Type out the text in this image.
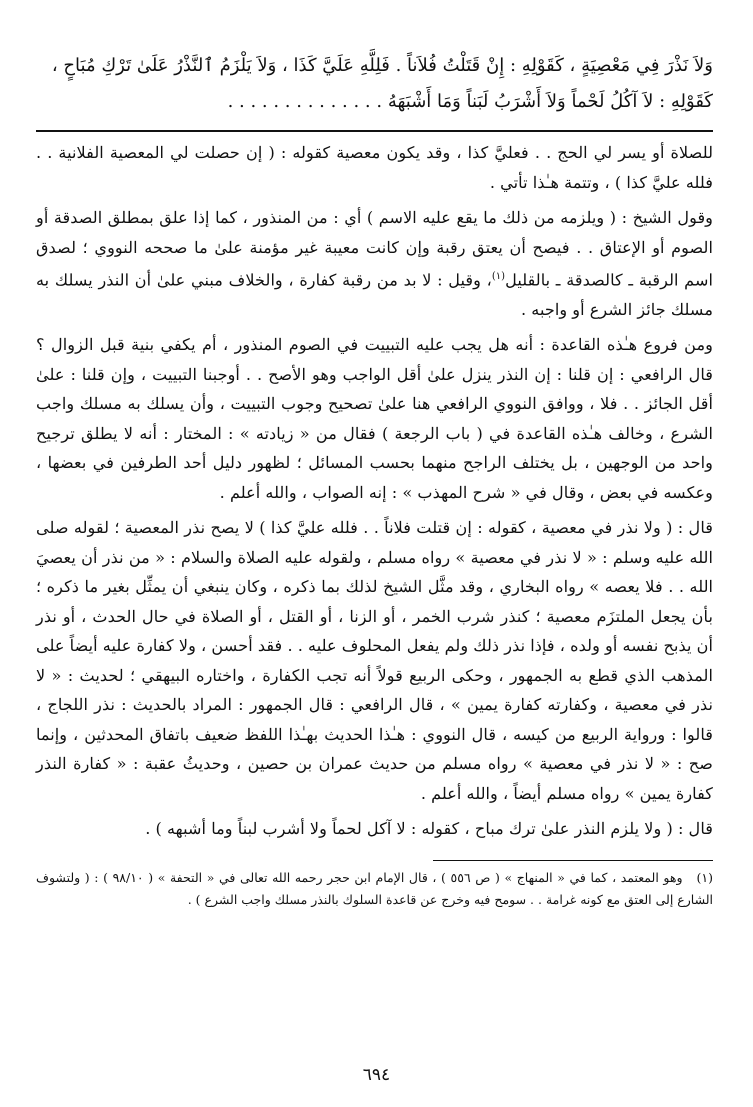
وَلاَ نَذْرَ فِي مَعْصِيَةٍ ، كَقَوْلِهِ : إِنْ قَتَلْتُ فُلاَناً . فَلِلَّهِ عَلَيَّ كَذَا ، وَلاَ يَلْزَمُ ٱلنَّذْرُ عَلَىٰ تَرْكِ مُبَاحٍ ،
كَقَوْلِهِ : لاَ آكُلُ لَحْماً وَلاَ أَشْرَبُ لَبَناً وَمَا أَشْبَهَهُ . . . . . . . . . . . . . .

للصلاة أو يسر لي الحج . . فعليَّ كذا ، وقد يكون معصية كقوله : ( إن حصلت لي المعصية الفلانية . . فلله عليَّ كذا ) ، وتتمة هـٰذا تأتي .

وقول الشيخ : ( ويلزمه من ذلك ما يقع عليه الاسم ) أي : من المنذور ، كما إذا علق بمطلق الصدقة أو الصوم أو الإعتاق . . فيصح أن يعتق رقبة وإن كانت معيبة غير مؤمنة علىٰ ما صححه النووي ؛ لصدق اسم الرقبة ـ كالصدقة ـ بالقليل$^{(١)}$، وقيل : لا بد من رقبة كفارة ، والخلاف مبني علىٰ أن النذر يسلك به مسلك جائز الشرع أو واجبه .

ومن فروع هـٰذه القاعدة : أنه هل يجب عليه التبييت في الصوم المنذور ، أم يكفي بنية قبل الزوال ؟ قال الرافعي : إن قلنا : إن النذر ينزل علىٰ أقل الواجب وهو الأصح . . أوجبنا التبييت ، وإن قلنا : علىٰ أقل الجائز . . فلا ، ووافق النووي الرافعي هنا علىٰ تصحيح وجوب التبييت ، وأن يسلك به مسلك واجب الشرع ، وخالف هـٰذه القاعدة في ( باب الرجعة ) فقال من « زيادته » : المختار : أنه لا يطلق ترجيح واحد من الوجهين ، بل يختلف الراجح منهما بحسب المسائل ؛ لظهور دليل أحد الطرفين في بعضها ، وعكسه في بعض ، وقال في « شرح المهذب » : إنه الصواب ، والله أعلم .

قال : ( ولا نذر في معصية ، كقوله : إن قتلت فلاناً . . فلله عليَّ كذا ) لا يصح نذر المعصية ؛ لقوله صلى الله عليه وسلم : « لا نذر في معصية » رواه مسلم ، ولقوله عليه الصلاة والسلام : « من نذر أن يعصيَ الله . . فلا يعصه » رواه البخاري ، وقد مثَّل الشيخ لذلك بما ذكره ، وكان ينبغي أن يمثِّل بغير ما ذكره ؛ بأن يجعل الملتزَم معصية ؛ كنذر شرب الخمر ، أو الزنا ، أو القتل ، أو الصلاة في حال الحدث ، أو نذر أن يذبح نفسه أو ولده ، فإذا نذر ذلك ولم يفعل المحلوف عليه . . فقد أحسن ، ولا كفارة عليه أيضاً على المذهب الذي قطع به الجمهور ، وحكى الربيع قولاً أنه تجب الكفارة ، واختاره البيهقي ؛ لحديث : « لا نذر في معصية ، وكفارته كفارة يمين » ، قال الرافعي : قال الجمهور : المراد بالحديث : نذر اللجاج ، قالوا : ورواية الربيع من كيسه ، قال النووي : هـٰذا الحديث بهـٰذا اللفظ ضعيف باتفاق المحدثين ، وإنما صح : « لا نذر في معصية » رواه مسلم من حديث عمران بن حصين ، وحديثُ عقبة : « كفارة النذر كفارة يمين » رواه مسلم أيضاً ، والله أعلم .

قال : ( ولا يلزم النذر علىٰ ترك مباح ، كقوله : لا آكل لحماً ولا أشرب لبناً وما أشبهه ) .

(١)وهو المعتمد ، كما في « المنهاج » ( ص ٥٥٦ ) ، قال الإمام ابن حجر رحمه الله تعالى في « التحفة » ( ٩٨/١٠ ) : ( ولتشوف الشارع إلى العتق مع كونه غرامة . . سومح فيه وخرج عن قاعدة السلوك بالنذر مسلك واجب الشرع ) .

٦٩٤
